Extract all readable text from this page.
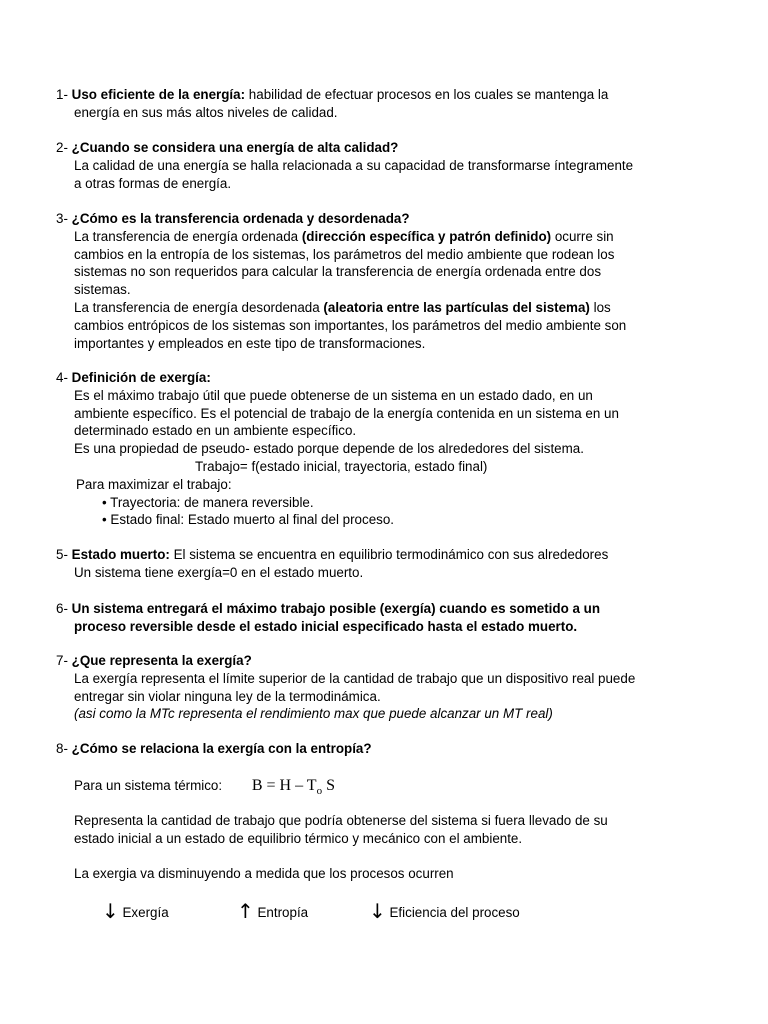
1- Uso eficiente de la energía: habilidad de efectuar procesos en los cuales se mantenga la
energía en sus más altos niveles de calidad.
2- ¿Cuando se considera una energía de alta calidad?
La calidad de una energía se halla relacionada a su capacidad de transformarse íntegramente
a otras formas de energía.
3- ¿Cómo es la transferencia ordenada y desordenada?
La transferencia de energía ordenada (dirección específica y patrón definido) ocurre sin
cambios en la entropía de los sistemas, los parámetros del medio ambiente que rodean los
sistemas no son requeridos para calcular la transferencia de energía ordenada entre dos
sistemas.
La transferencia de energía desordenada (aleatoria entre las partículas del sistema) los
cambios entrópicos de los sistemas son importantes, los parámetros del medio ambiente son
importantes y empleados en este tipo de transformaciones.
4- Definición de exergía:
Es el máximo trabajo útil que puede obtenerse de un sistema en un estado dado, en un
ambiente específico. Es el potencial de trabajo de la energía contenida en un sistema en un
determinado estado en un ambiente específico.
Es una propiedad de pseudo- estado porque depende de los alrededores del sistema.
Trabajo= f(estado inicial, trayectoria, estado final)
Para maximizar el trabajo:
• Trayectoria: de manera reversible.
• Estado final: Estado muerto al final del proceso.
5- Estado muerto: El sistema se encuentra en equilibrio termodinámico con sus alrededores
Un sistema tiene exergía=0 en el estado muerto.
6- Un sistema entregará el máximo trabajo posible (exergía) cuando es sometido a un
proceso reversible desde el estado inicial especificado hasta el estado muerto.
7- ¿Que representa la exergía?
La exergía representa el límite superior de la cantidad de trabajo que un dispositivo real puede
entregar sin violar ninguna ley de la termodinámica.
(asi como la MTc representa el rendimiento max que puede alcanzar un MT real)
8- ¿Cómo se relaciona la exergía con la entropía?
Para un sistema térmico: $B = H - T_o$ S
Representa la cantidad de trabajo que podría obtenerse del sistema si fuera llevado de su
estado inicial a un estado de equilibrio térmico y mecánico con el ambiente.
La exergia va disminuyendo a medida que los procesos ocurren
↓ Exergía	↑ Entropía	↓ Eficiencia del proceso
